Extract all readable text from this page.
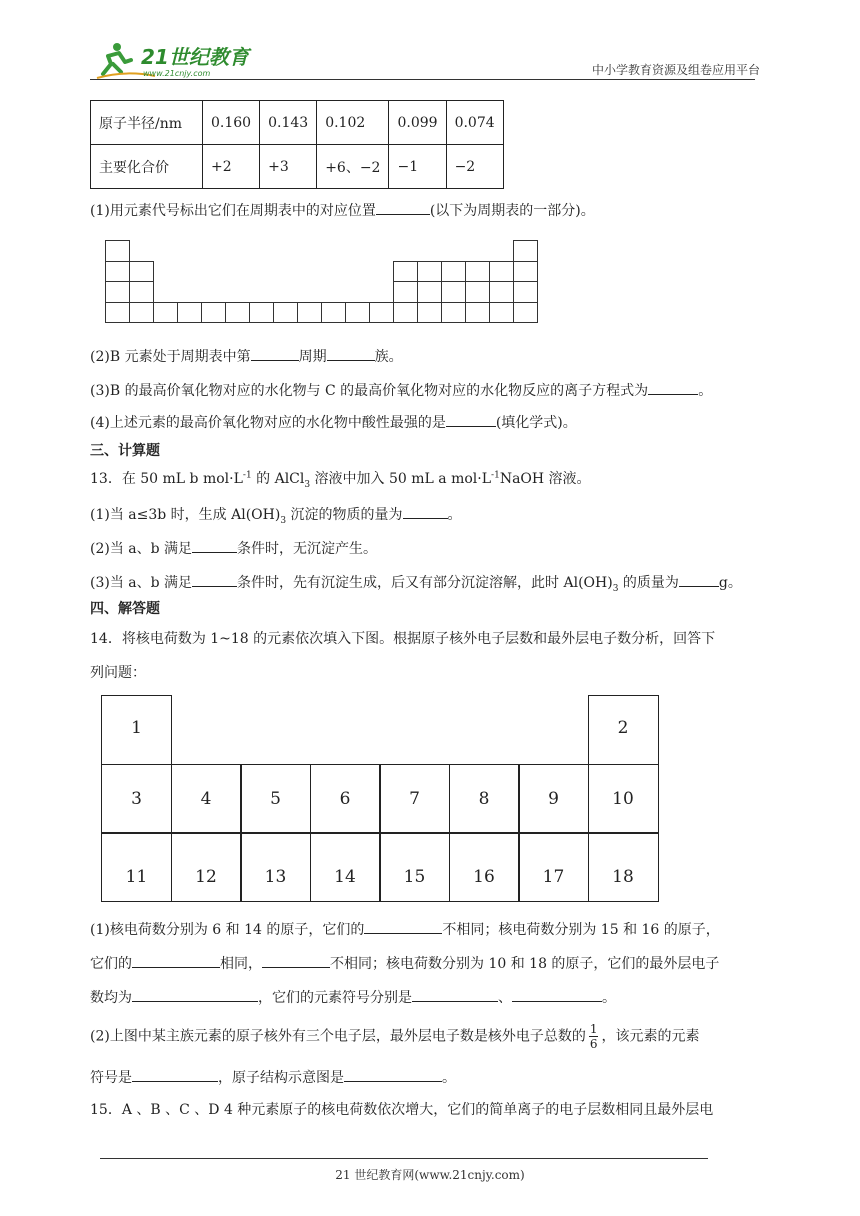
21世纪教育
www.21cnjy.com	中小学教育资源及组卷应用平台
原子半径/nm	0.160	0.143	0.102	0.099	0.074
主要化合价	+2	+3	+6、−2	−1	−2
(1)用元素代号标出它们在周期表中的对应位置	(以下为周期表的一部分)。
(2)B 元素处于周期表中第	周期	族。
(3)B 的最高价氧化物对应的水化物与 C 的最高价氧化物对应的水化物反应的离子方程式为	。
(4)上述元素的最高价氧化物对应的水化物中酸性最强的是	(填化学式)。
三、计算题
13．在 50 mL b $mol\cdot L^{-1}$ 的 AlCl$_3$ 溶液中加入 50 mL a $mol\cdot L^{-1}NaOH$ 溶液。
(1)当 a≤3b 时，生成 $Al(OH)_3$ 沉淀的物质的量为	。
(2)当 a、b 满足	条件时，无沉淀产生。
(3)当 a、b 满足	条件时，先有沉淀生成，后又有部分沉淀溶解，此时 $Al(OH)_3$ 的质量为	g。
四、解答题
14．将核电荷数为 1~18 的元素依次填入下图。根据原子核外电子层数和最外层电子数分析，回答下
列问题：
1	2
3	4	5	6	7	8	9	10
11	12	13	14	15	16	17	18
(1)核电荷数分别为 6 和 14 的原子，它们的	不相同；核电荷数分别为 15 和 16 的原子，
它们的	相同，	不相同；核电荷数分别为 10 和 18 的原子，它们的最外层电子
数均为	，它们的元素符号分别是	、	。
(2)上图中某主族元素的原子核外有三个电子层，最外层电子数是核外电子总数的 $\frac{1}{6}$ ，该元素的元素
符号是	，原子结构示意图是	。
15．A 、B 、C 、D 4 种元素原子的核电荷数依次增大，它们的简单离子的电子层数相同且最外层电
21 世纪教育网(www.21cnjy.com)
